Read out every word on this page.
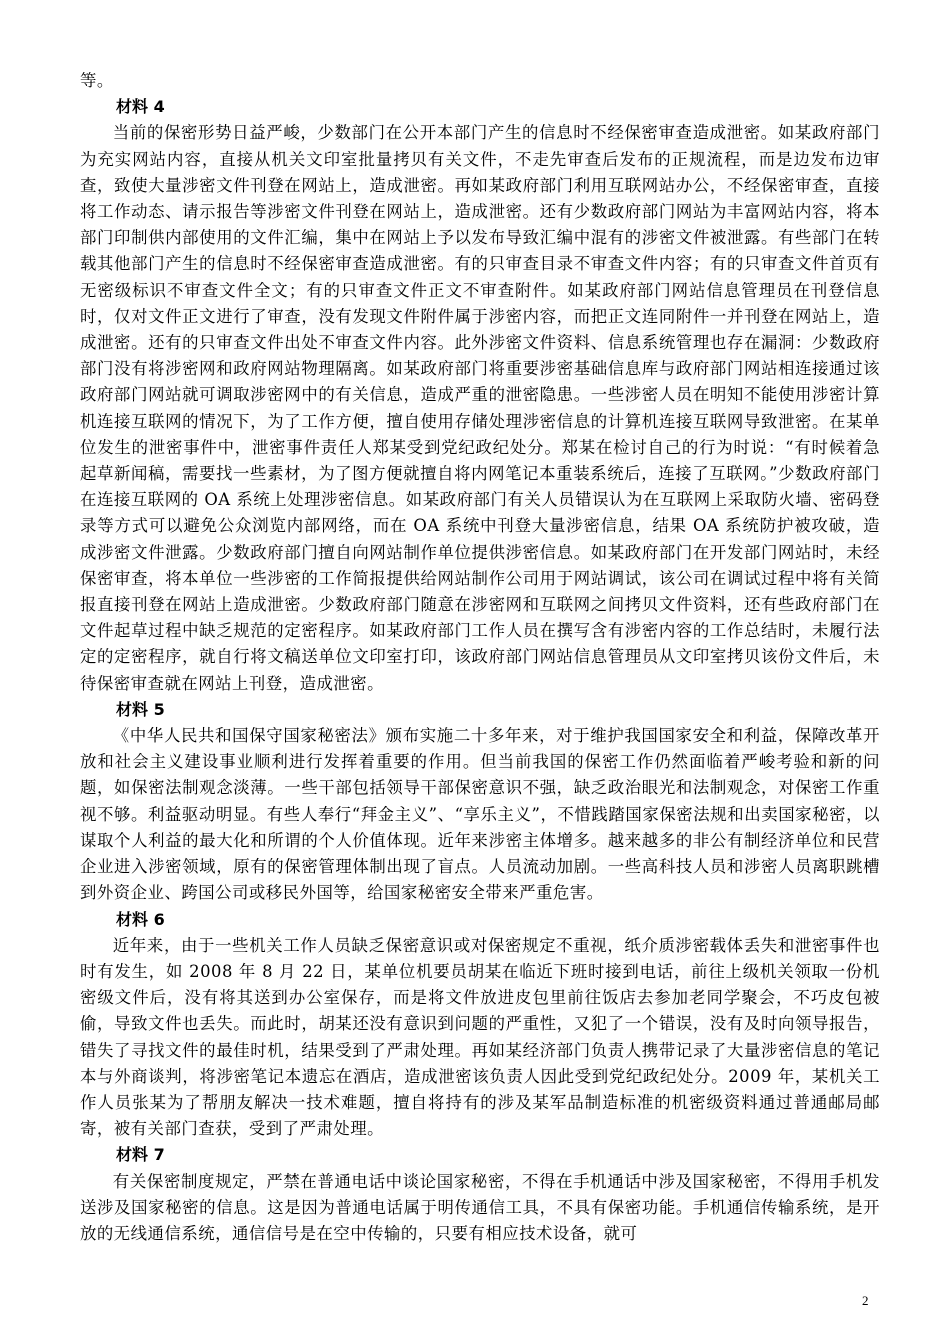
等。

材料 4

当前的保密形势日益严峻，少数部门在公开本部门产生的信息时不经保密审查造成泄密。如某政府部门为充实网站内容，直接从机关文印室批量拷贝有关文件，不走先审查后发布的正规流程，而是边发布边审查，致使大量涉密文件刊登在网站上，造成泄密。再如某政府部门利用互联网站办公，不经保密审查，直接将工作动态、请示报告等涉密文件刊登在网站上，造成泄密。还有少数政府部门网站为丰富网站内容，将本部门印制供内部使用的文件汇编，集中在网站上予以发布导致汇编中混有的涉密文件被泄露。有些部门在转载其他部门产生的信息时不经保密审查造成泄密。有的只审查目录不审查文件内容；有的只审查文件首页有无密级标识不审查文件全文；有的只审查文件正文不审查附件。如某政府部门网站信息管理员在刊登信息时，仅对文件正文进行了审查，没有发现文件附件属于涉密内容，而把正文连同附件一并刊登在网站上，造成泄密。还有的只审查文件出处不审查文件内容。此外涉密文件资料、信息系统管理也存在漏洞：少数政府部门没有将涉密网和政府网站物理隔离。如某政府部门将重要涉密基础信息库与政府部门网站相连接通过该政府部门网站就可调取涉密网中的有关信息，造成严重的泄密隐患。一些涉密人员在明知不能使用涉密计算机连接互联网的情况下，为了工作方便，擅自使用存储处理涉密信息的计算机连接互联网导致泄密。在某单位发生的泄密事件中，泄密事件责任人郑某受到党纪政纪处分。郑某在检讨自己的行为时说：“有时候着急起草新闻稿，需要找一些素材，为了图方便就擅自将内网笔记本重装系统后，连接了互联网。”少数政府部门在连接互联网的 OA 系统上处理涉密信息。如某政府部门有关人员错误认为在互联网上采取防火墙、密码登录等方式可以避免公众浏览内部网络，而在 OA 系统中刊登大量涉密信息，结果 OA 系统防护被攻破，造成涉密文件泄露。少数政府部门擅自向网站制作单位提供涉密信息。如某政府部门在开发部门网站时，未经保密审查，将本单位一些涉密的工作简报提供给网站制作公司用于网站调试，该公司在调试过程中将有关简报直接刊登在网站上造成泄密。少数政府部门随意在涉密网和互联网之间拷贝文件资料，还有些政府部门在文件起草过程中缺乏规范的定密程序。如某政府部门工作人员在撰写含有涉密内容的工作总结时，未履行法定的定密程序，就自行将文稿送单位文印室打印，该政府部门网站信息管理员从文印室拷贝该份文件后，未待保密审查就在网站上刊登，造成泄密。

材料 5

《中华人民共和国保守国家秘密法》颁布实施二十多年来，对于维护我国国家安全和利益，保障改革开放和社会主义建设事业顺利进行发挥着重要的作用。但当前我国的保密工作仍然面临着严峻考验和新的问题，如保密法制观念淡薄。一些干部包括领导干部保密意识不强，缺乏政治眼光和法制观念，对保密工作重视不够。利益驱动明显。有些人奉行“拜金主义”、“享乐主义”，不惜践踏国家保密法规和出卖国家秘密，以谋取个人利益的最大化和所谓的个人价值体现。近年来涉密主体增多。越来越多的非公有制经济单位和民营企业进入涉密领域，原有的保密管理体制出现了盲点。人员流动加剧。一些高科技人员和涉密人员离职跳槽到外资企业、跨国公司或移民外国等，给国家秘密安全带来严重危害。

材料 6

近年来，由于一些机关工作人员缺乏保密意识或对保密规定不重视，纸介质涉密载体丢失和泄密事件也时有发生，如 2008 年 8 月 22 日，某单位机要员胡某在临近下班时接到电话，前往上级机关领取一份机密级文件后，没有将其送到办公室保存，而是将文件放进皮包里前往饭店去参加老同学聚会，不巧皮包被偷，导致文件也丢失。而此时，胡某还没有意识到问题的严重性，又犯了一个错误，没有及时向领导报告，错失了寻找文件的最佳时机，结果受到了严肃处理。再如某经济部门负责人携带记录了大量涉密信息的笔记本与外商谈判，将涉密笔记本遗忘在酒店，造成泄密该负责人因此受到党纪政纪处分。2009 年，某机关工作人员张某为了帮朋友解决一技术难题，擅自将持有的涉及某军品制造标准的机密级资料通过普通邮局邮寄，被有关部门查获，受到了严肃处理。

材料 7

有关保密制度规定，严禁在普通电话中谈论国家秘密，不得在手机通话中涉及国家秘密，不得用手机发送涉及国家秘密的信息。这是因为普通电话属于明传通信工具，不具有保密功能。手机通信传输系统，是开放的无线通信系统，通信信号是在空中传输的，只要有相应技术设备，就可

2
